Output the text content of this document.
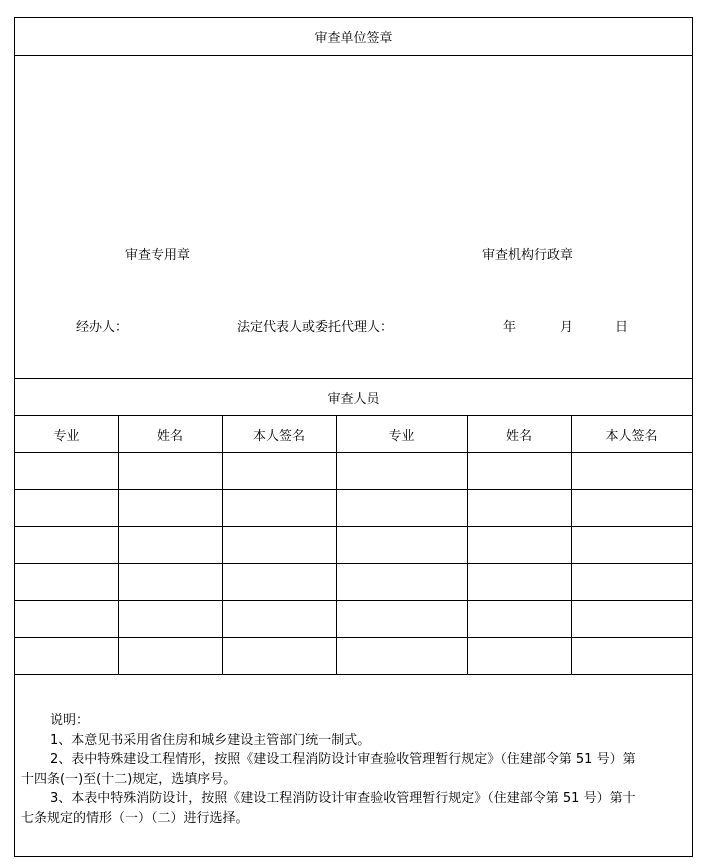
审查单位签章
审查专用章	审查机构行政章
经办人：	法定代表人或委托代理人：	年	月	日
审查人员
专业	姓名	本人签名	专业	姓名	本人签名
说明：
1、本意见书采用省住房和城乡建设主管部门统一制式。
2、表中特殊建设工程情形，按照《建设工程消防设计审查验收管理暂行规定》（住建部令第 51 号）第
十四条(一)至(十二)规定，选填序号。
3、本表中特殊消防设计，按照《建设工程消防设计审查验收管理暂行规定》（住建部令第 51 号）第十
七条规定的情形（一）（二）进行选择。
